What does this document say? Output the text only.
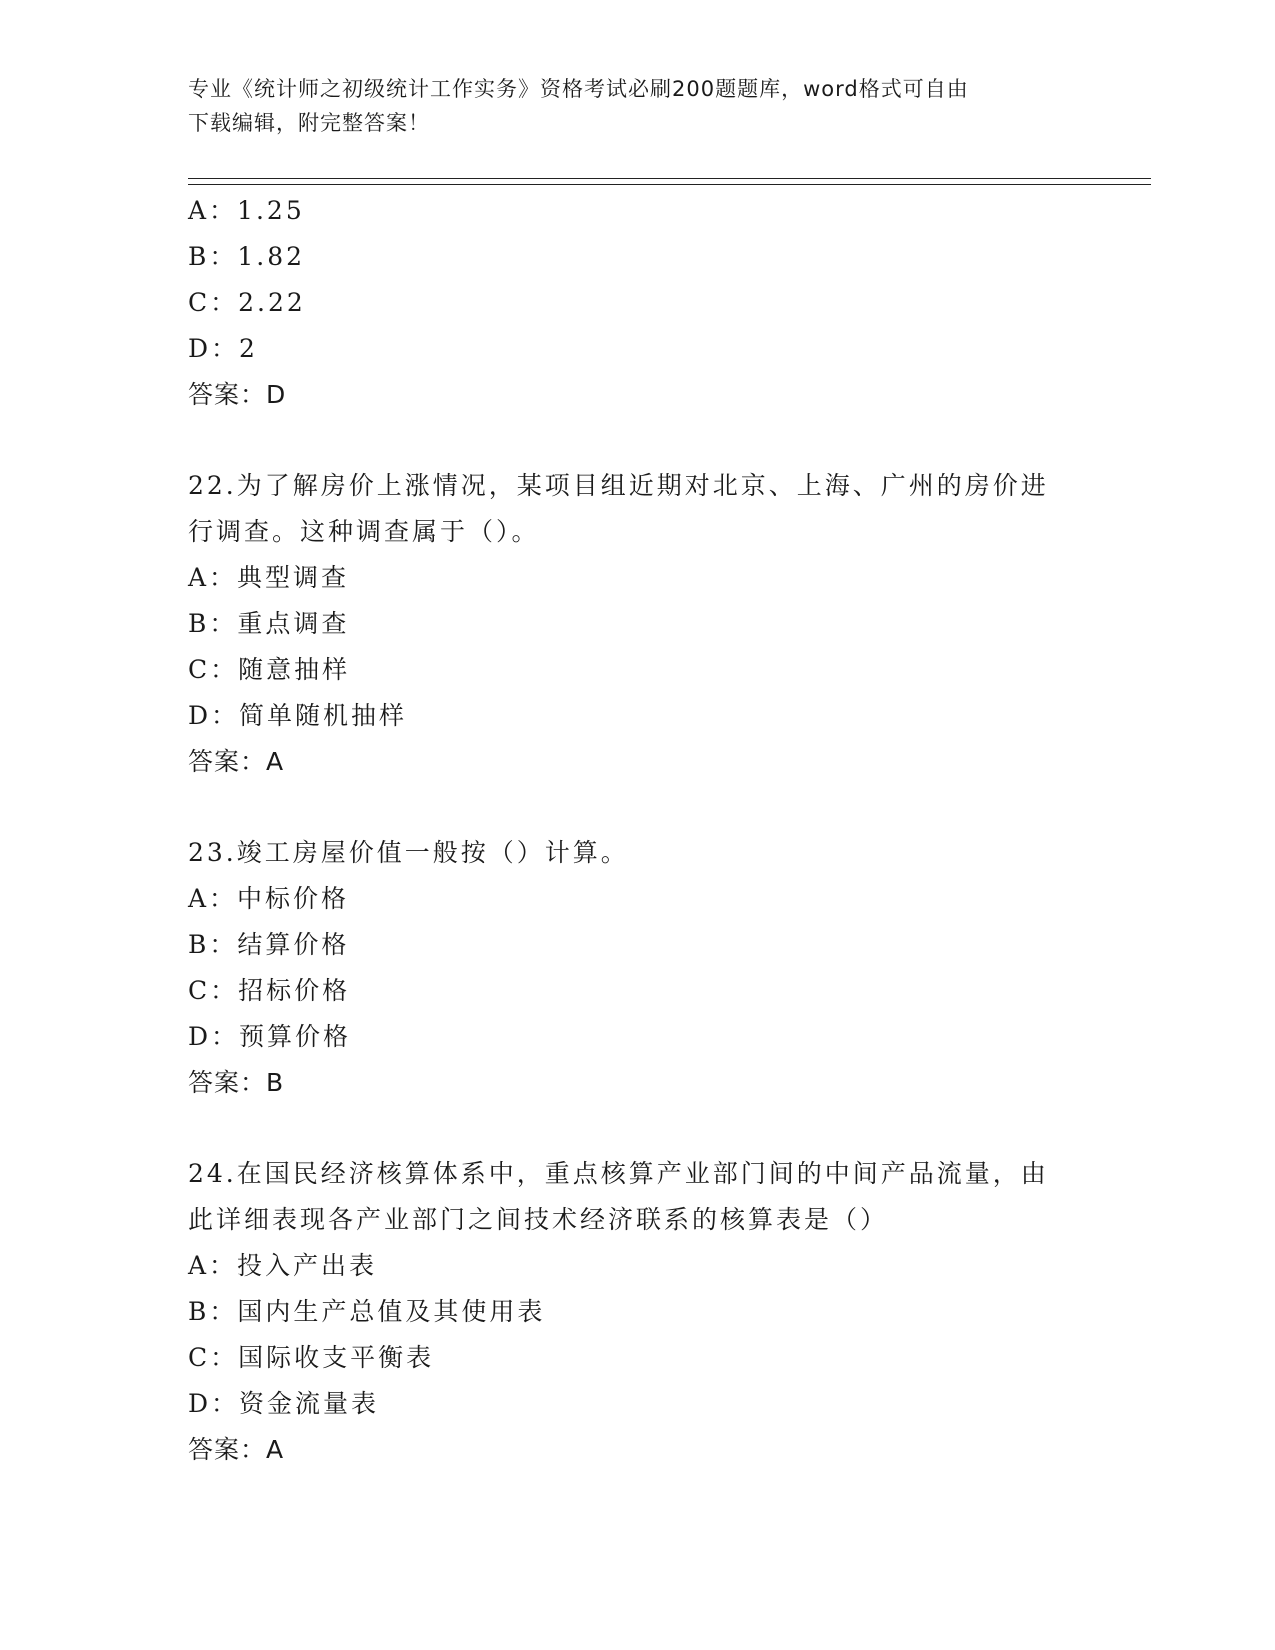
专业《统计师之初级统计工作实务》资格考试必刷200题题库，word格式可自由
下载编辑，附完整答案！
A：1.25
B：1.82
C：2.22
D：2
答案：D
22.为了解房价上涨情况，某项目组近期对北京、上海、广州的房价进
行调查。这种调查属于（）。
A：典型调查
B：重点调查
C：随意抽样
D：简单随机抽样
答案：A
23.竣工房屋价值一般按（）计算。
A：中标价格
B：结算价格
C：招标价格
D：预算价格
答案：B
24.在国民经济核算体系中，重点核算产业部门间的中间产品流量，由
此详细表现各产业部门之间技术经济联系的核算表是（）
A：投入产出表
B：国内生产总值及其使用表
C：国际收支平衡表
D：资金流量表
答案：A
